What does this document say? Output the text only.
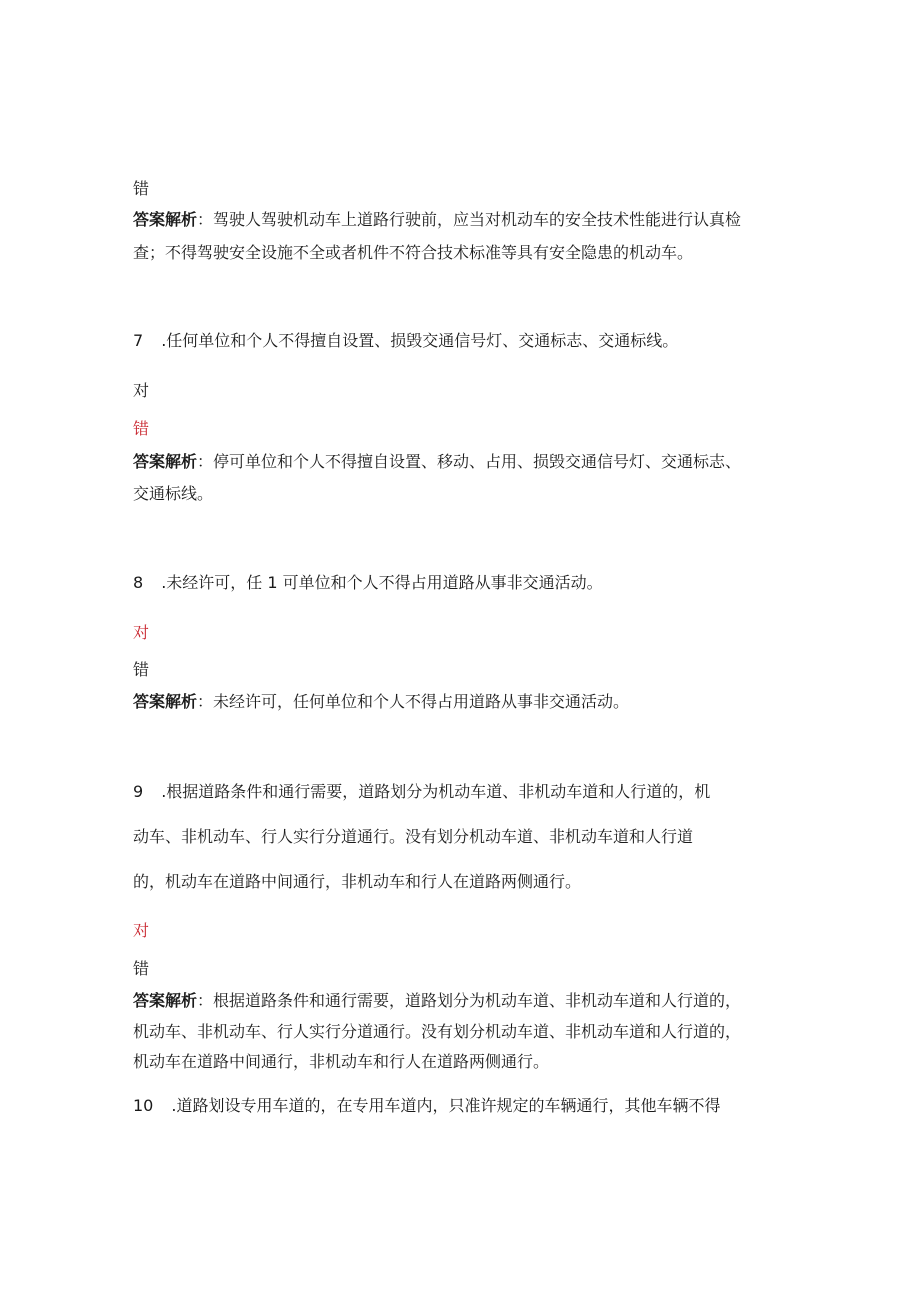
错

答案解析：驾驶人驾驶机动车上道路行驶前，应当对机动车的安全技术性能进行认真检

查；不得驾驶安全设施不全或者机件不符合技术标准等具有安全隐患的机动车。

7 .任何单位和个人不得擅自设置、损毁交通信号灯、交通标志、交通标线。

对

错

答案解析：停可单位和个人不得擅自设置、移动、占用、损毁交通信号灯、交通标志、

交通标线。

8 .未经许可，任 1 可单位和个人不得占用道路从事非交通活动。

对

错

答案解析：未经许可，任何单位和个人不得占用道路从事非交通活动。

9 .根据道路条件和通行需要，道路划分为机动车道、非机动车道和人行道的，机

动车、非机动车、行人实行分道通行。没有划分机动车道、非机动车道和人行道

的，机动车在道路中间通行，非机动车和行人在道路两侧通行。

对

错

答案解析：根据道路条件和通行需要，道路划分为机动车道、非机动车道和人行道的，

机动车、非机动车、行人实行分道通行。没有划分机动车道、非机动车道和人行道的，

机动车在道路中间通行，非机动车和行人在道路两侧通行。

10 .道路划设专用车道的，在专用车道内，只准许规定的车辆通行，其他车辆不得
